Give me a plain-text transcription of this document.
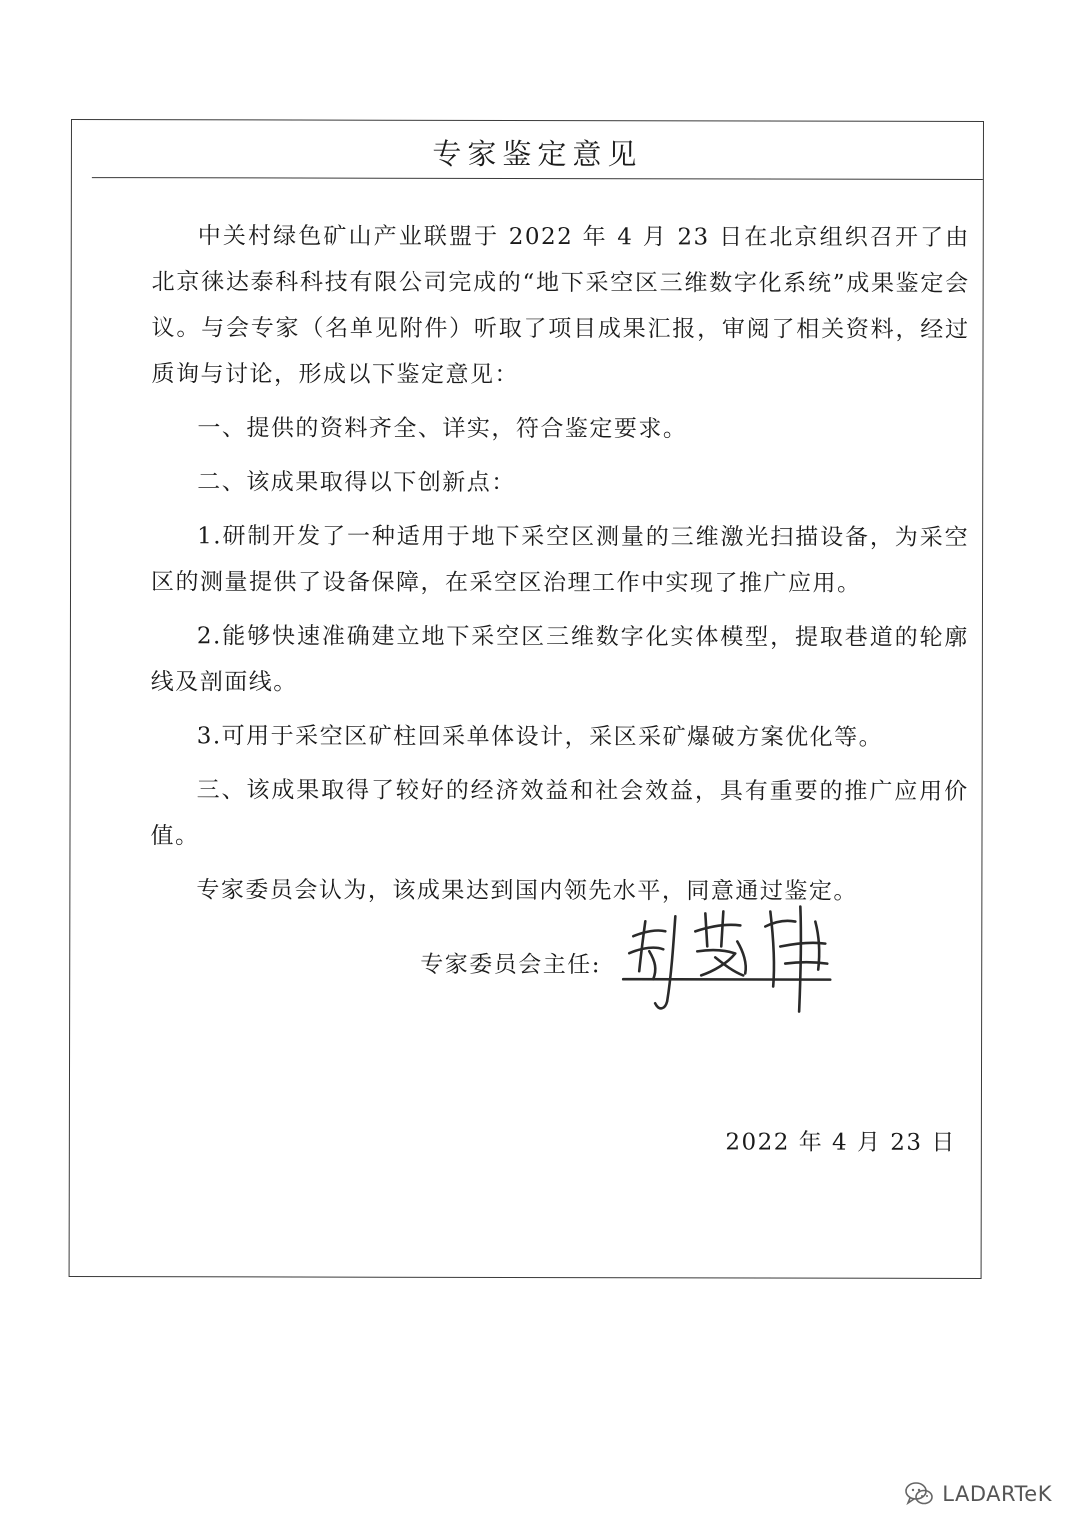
专家鉴定意见

中关村绿色矿山产业联盟于 2022 年 4 月 23 日在北京组织召开了由北京徕达泰科科技有限公司完成的“地下采空区三维数字化系统”成果鉴定会议。与会专家（名单见附件）听取了项目成果汇报，审阅了相关资料，经过质询与讨论，形成以下鉴定意见：

一、提供的资料齐全、详实，符合鉴定要求。

二、该成果取得以下创新点：

1.研制开发了一种适用于地下采空区测量的三维激光扫描设备，为采空区的测量提供了设备保障，在采空区治理工作中实现了推广应用。

2.能够快速准确建立地下采空区三维数字化实体模型，提取巷道的轮廓线及剖面线。

3.可用于采空区矿柱回采单体设计，采区采矿爆破方案优化等。

三、该成果取得了较好的经济效益和社会效益，具有重要的推广应用价值。

专家委员会认为，该成果达到国内领先水平，同意通过鉴定。

专家委员会主任:
2022 年 4 月 23 日
LADARTeK
